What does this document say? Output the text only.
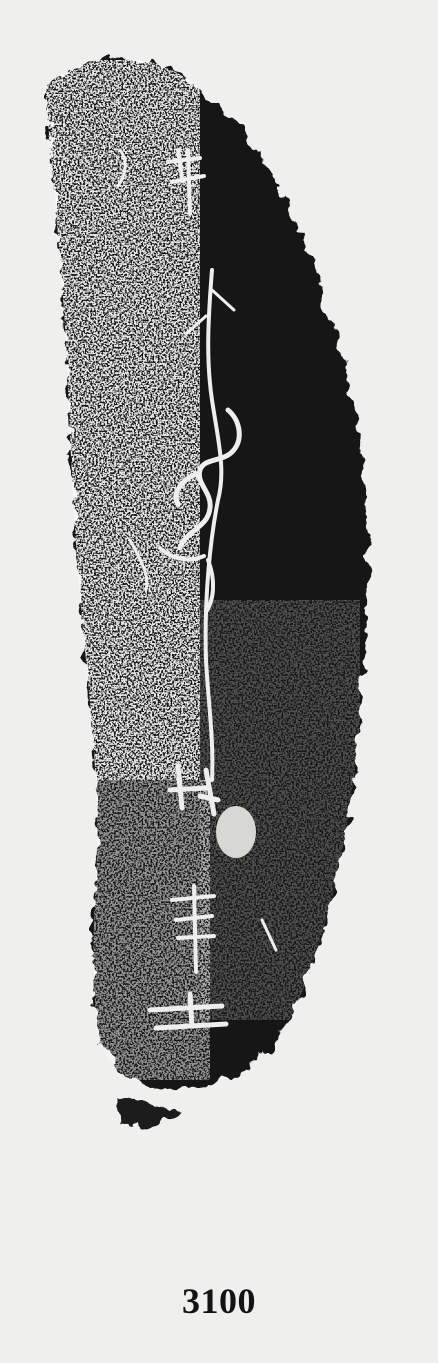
3100
